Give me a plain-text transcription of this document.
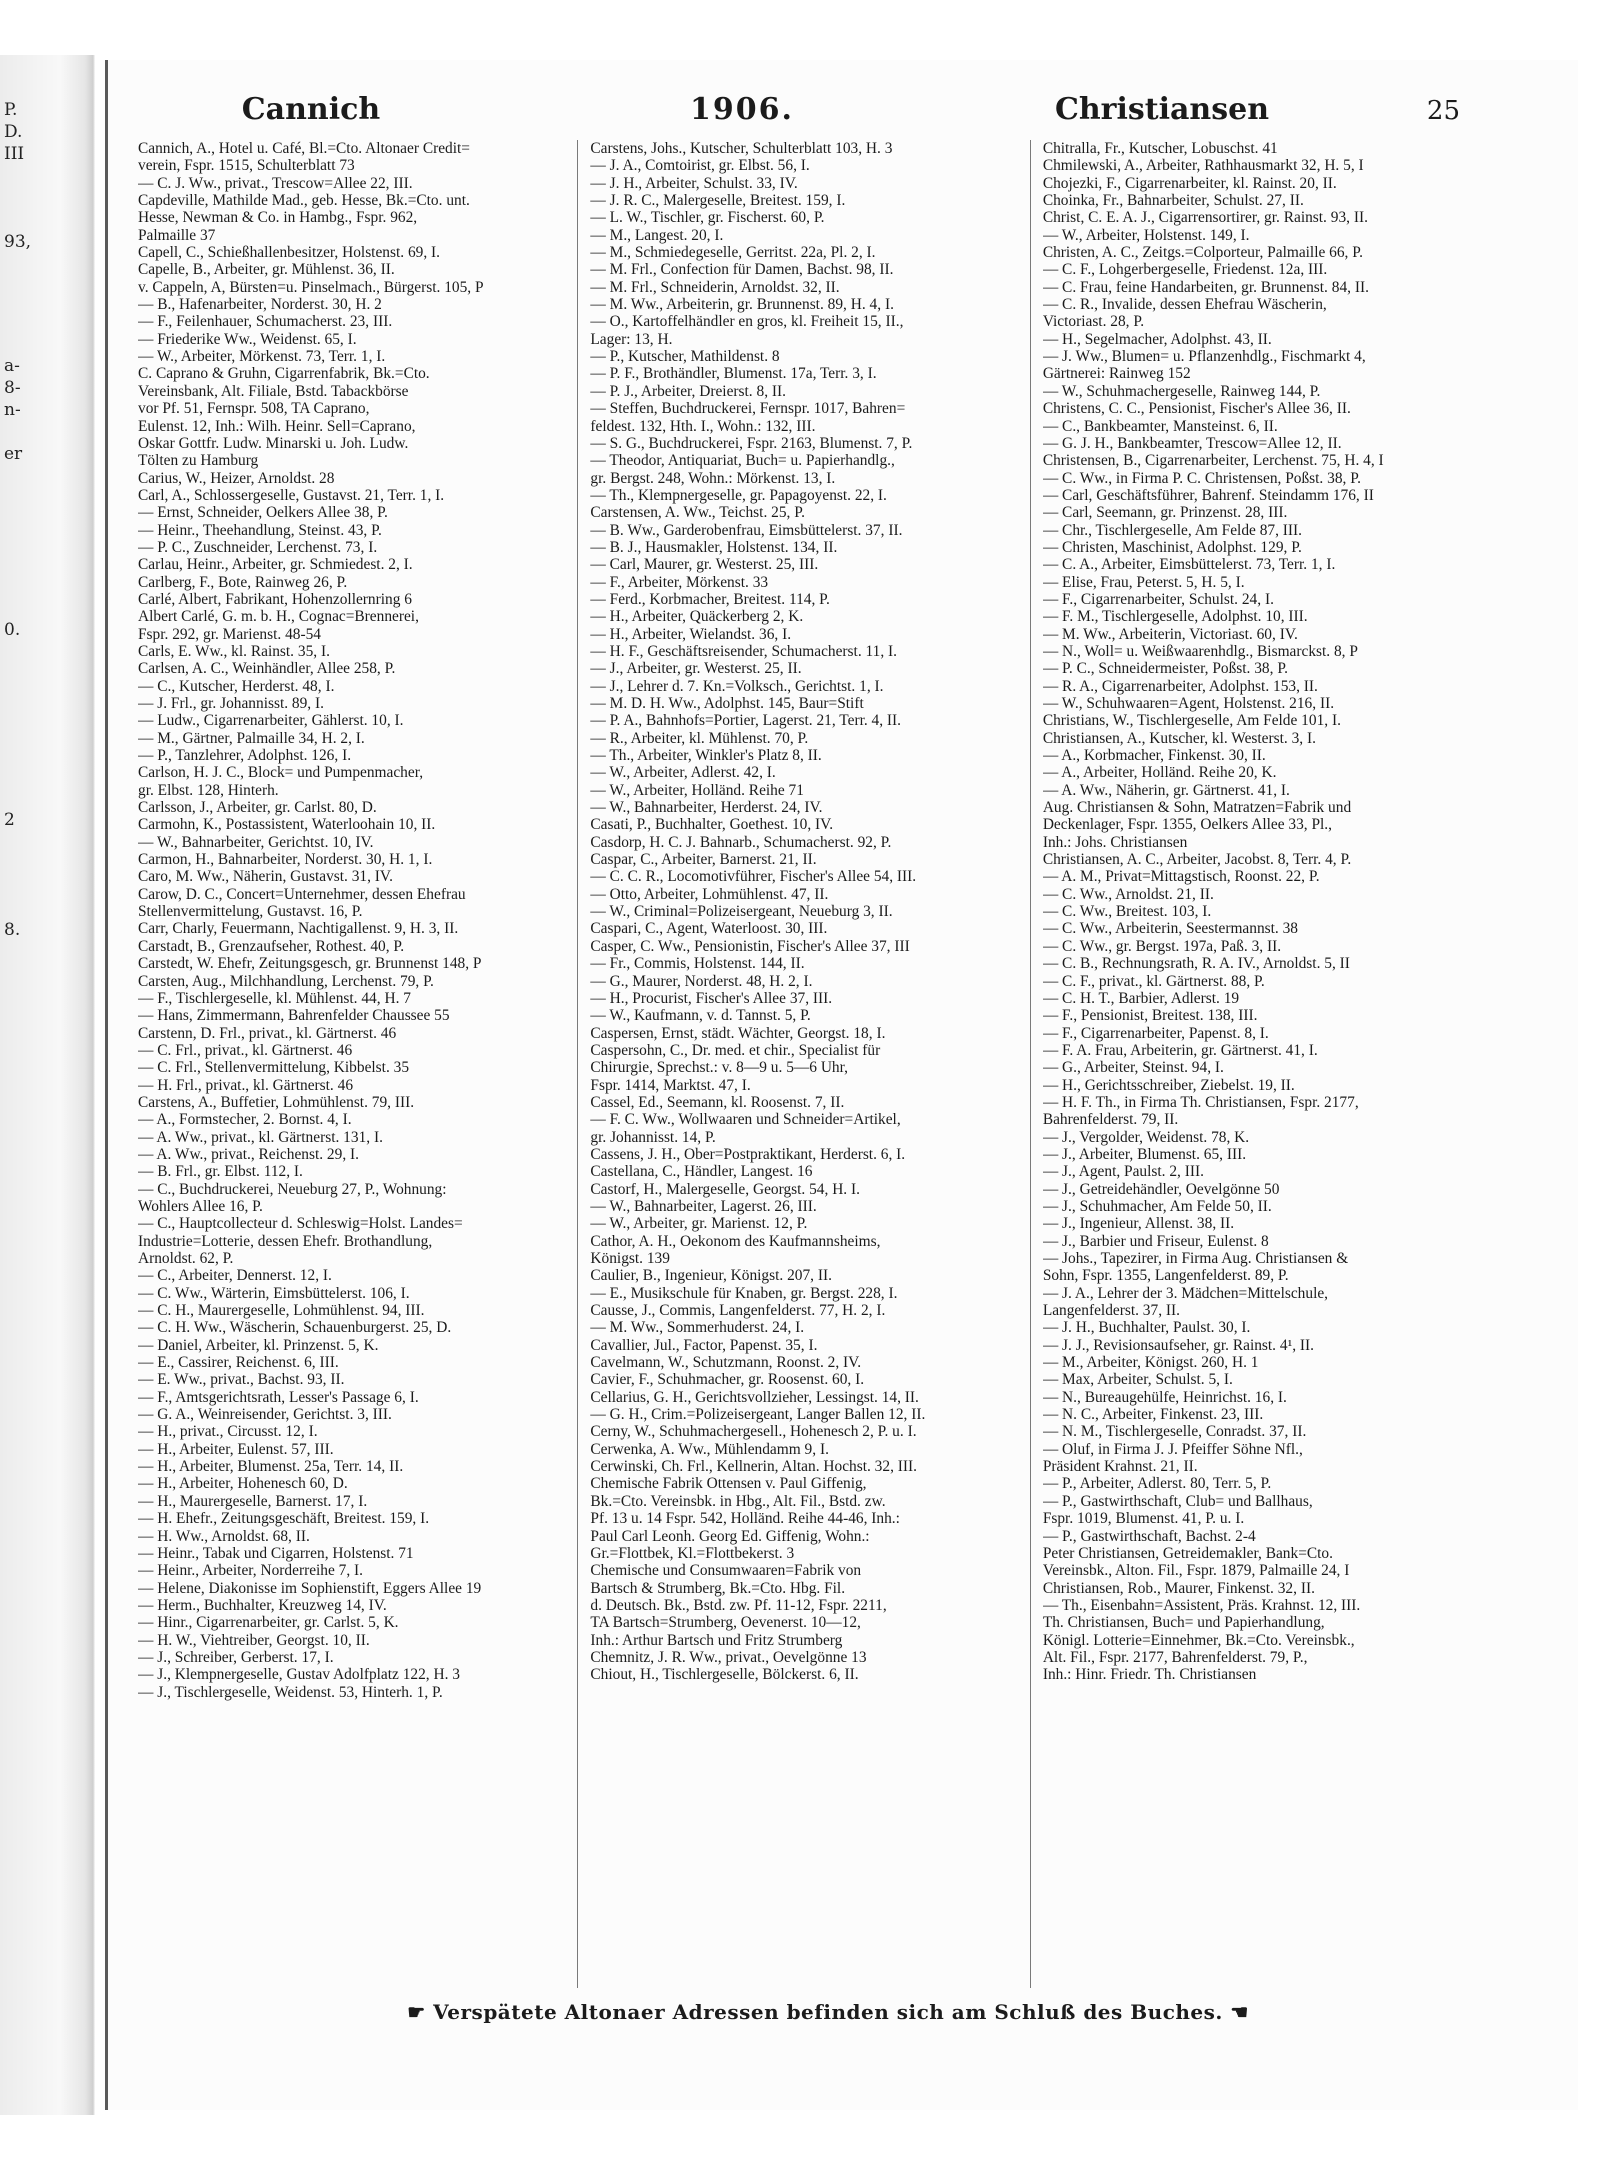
P.
D.
III
93,
a-
8-
n-
er
0.
2
8.
Cannich	1906.	Christiansen	25
Cannich, A., Hotel u. Café, Bl.=Cto. Altonaer Credit=
verein, Fspr. 1515, Schulterblatt 73
— C. J. Ww., privat., Trescow=Allee 22, III.
Capdeville, Mathilde Mad., geb. Hesse, Bk.=Cto. unt.
Hesse, Newman & Co. in Hambg., Fspr. 962,
Palmaille 37
Capell, C., Schießhallenbesitzer, Holstenst. 69, I.
Capelle, B., Arbeiter, gr. Mühlenst. 36, II.
v. Cappeln, A, Bürsten=u. Pinselmach., Bürgerst. 105, P
— B., Hafenarbeiter, Norderst. 30, H. 2
— F., Feilenhauer, Schumacherst. 23, III.
— Friederike Ww., Weidenst. 65, I.
— W., Arbeiter, Mörkenst. 73, Terr. 1, I.
C. Caprano & Gruhn, Cigarrenfabrik, Bk.=Cto.
Vereinsbank, Alt. Filiale, Bstd. Tabackbörse
vor Pf. 51, Fernspr. 508, TA Caprano,
Eulenst. 12, Inh.: Wilh. Heinr. Sell=Caprano,
Oskar Gottfr. Ludw. Minarski u. Joh. Ludw.
Tölten zu Hamburg
Carius, W., Heizer, Arnoldst. 28
Carl, A., Schlossergeselle, Gustavst. 21, Terr. 1, I.
— Ernst, Schneider, Oelkers Allee 38, P.
— Heinr., Theehandlung, Steinst. 43, P.
— P. C., Zuschneider, Lerchenst. 73, I.
Carlau, Heinr., Arbeiter, gr. Schmiedest. 2, I.
Carlberg, F., Bote, Rainweg 26, P.
Carlé, Albert, Fabrikant, Hohenzollernring 6
Albert Carlé, G. m. b. H., Cognac=Brennerei,
Fspr. 292, gr. Marienst. 48-54
Carls, E. Ww., kl. Rainst. 35, I.
Carlsen, A. C., Weinhändler, Allee 258, P.
— C., Kutscher, Herderst. 48, I.
— J. Frl., gr. Johannisst. 89, I.
— Ludw., Cigarrenarbeiter, Gählerst. 10, I.
— M., Gärtner, Palmaille 34, H. 2, I.
— P., Tanzlehrer, Adolphst. 126, I.
Carlson, H. J. C., Block= und Pumpenmacher,
gr. Elbst. 128, Hinterh.
Carlsson, J., Arbeiter, gr. Carlst. 80, D.
Carmohn, K., Postassistent, Waterloohain 10, II.
— W., Bahnarbeiter, Gerichtst. 10, IV.
Carmon, H., Bahnarbeiter, Norderst. 30, H. 1, I.
Caro, M. Ww., Näherin, Gustavst. 31, IV.
Carow, D. C., Concert=Unternehmer, dessen Ehefrau
Stellenvermittelung, Gustavst. 16, P.
Carr, Charly, Feuermann, Nachtigallenst. 9, H. 3, II.
Carstadt, B., Grenzaufseher, Rothest. 40, P.
Carstedt, W. Ehefr, Zeitungsgesch, gr. Brunnenst 148, P
Carsten, Aug., Milchhandlung, Lerchenst. 79, P.
— F., Tischlergeselle, kl. Mühlenst. 44, H. 7
— Hans, Zimmermann, Bahrenfelder Chaussee 55
Carstenn, D. Frl., privat., kl. Gärtnerst. 46
— C. Frl., privat., kl. Gärtnerst. 46
— C. Frl., Stellenvermittelung, Kibbelst. 35
— H. Frl., privat., kl. Gärtnerst. 46
Carstens, A., Buffetier, Lohmühlenst. 79, III.
— A., Formstecher, 2. Bornst. 4, I.
— A. Ww., privat., kl. Gärtnerst. 131, I.
— A. Ww., privat., Reichenst. 29, I.
— B. Frl., gr. Elbst. 112, I.
— C., Buchdruckerei, Neueburg 27, P., Wohnung:
Wohlers Allee 16, P.
— C., Hauptcollecteur d. Schleswig=Holst. Landes=
Industrie=Lotterie, dessen Ehefr. Brothandlung,
Arnoldst. 62, P.
— C., Arbeiter, Dennerst. 12, I.
— C. Ww., Wärterin, Eimsbüttelerst. 106, I.
— C. H., Maurergeselle, Lohmühlenst. 94, III.
— C. H. Ww., Wäscherin, Schauenburgerst. 25, D.
— Daniel, Arbeiter, kl. Prinzenst. 5, K.
— E., Cassirer, Reichenst. 6, III.
— E. Ww., privat., Bachst. 93, II.
— F., Amtsgerichtsrath, Lesser's Passage 6, I.
— G. A., Weinreisender, Gerichtst. 3, III.
— H., privat., Circusst. 12, I.
— H., Arbeiter, Eulenst. 57, III.
— H., Arbeiter, Blumenst. 25a, Terr. 14, II.
— H., Arbeiter, Hohenesch 60, D.
— H., Maurergeselle, Barnerst. 17, I.
— H. Ehefr., Zeitungsgeschäft, Breitest. 159, I.
— H. Ww., Arnoldst. 68, II.
— Heinr., Tabak und Cigarren, Holstenst. 71
— Heinr., Arbeiter, Norderreihe 7, I.
— Helene, Diakonisse im Sophienstift, Eggers Allee 19
— Herm., Buchhalter, Kreuzweg 14, IV.
— Hinr., Cigarrenarbeiter, gr. Carlst. 5, K.
— H. W., Viehtreiber, Georgst. 10, II.
— J., Schreiber, Gerberst. 17, I.
— J., Klempnergeselle, Gustav Adolfplatz 122, H. 3
— J., Tischlergeselle, Weidenst. 53, Hinterh. 1, P.
Carstens, Johs., Kutscher, Schulterblatt 103, H. 3
— J. A., Comtoirist, gr. Elbst. 56, I.
— J. H., Arbeiter, Schulst. 33, IV.
— J. R. C., Malergeselle, Breitest. 159, I.
— L. W., Tischler, gr. Fischerst. 60, P.
— M., Langest. 20, I.
— M., Schmiedegeselle, Gerritst. 22a, Pl. 2, I.
— M. Frl., Confection für Damen, Bachst. 98, II.
— M. Frl., Schneiderin, Arnoldst. 32, II.
— M. Ww., Arbeiterin, gr. Brunnenst. 89, H. 4, I.
— O., Kartoffelhändler en gros, kl. Freiheit 15, II.,
Lager: 13, H.
— P., Kutscher, Mathildenst. 8
— P. F., Brothändler, Blumenst. 17a, Terr. 3, I.
— P. J., Arbeiter, Dreierst. 8, II.
— Steffen, Buchdruckerei, Fernspr. 1017, Bahren=
feldest. 132, Hth. I., Wohn.: 132, III.
— S. G., Buchdruckerei, Fspr. 2163, Blumenst. 7, P.
— Theodor, Antiquariat, Buch= u. Papierhandlg.,
gr. Bergst. 248, Wohn.: Mörkenst. 13, I.
— Th., Klempnergeselle, gr. Papagoyenst. 22, I.
Carstensen, A. Ww., Teichst. 25, P.
— B. Ww., Garderobenfrau, Eimsbüttelerst. 37, II.
— B. J., Hausmakler, Holstenst. 134, II.
— Carl, Maurer, gr. Westerst. 25, III.
— F., Arbeiter, Mörkenst. 33
— Ferd., Korbmacher, Breitest. 114, P.
— H., Arbeiter, Quäckerberg 2, K.
— H., Arbeiter, Wielandst. 36, I.
— H. F., Geschäftsreisender, Schumacherst. 11, I.
— J., Arbeiter, gr. Westerst. 25, II.
— J., Lehrer d. 7. Kn.=Volksch., Gerichtst. 1, I.
— M. D. H. Ww., Adolphst. 145, Baur=Stift
— P. A., Bahnhofs=Portier, Lagerst. 21, Terr. 4, II.
— R., Arbeiter, kl. Mühlenst. 70, P.
— Th., Arbeiter, Winkler's Platz 8, II.
— W., Arbeiter, Adlerst. 42, I.
— W., Arbeiter, Holländ. Reihe 71
— W., Bahnarbeiter, Herderst. 24, IV.
Casati, P., Buchhalter, Goethest. 10, IV.
Casdorp, H. C. J. Bahnarb., Schumacherst. 92, P.
Caspar, C., Arbeiter, Barnerst. 21, II.
— C. C. R., Locomotivführer, Fischer's Allee 54, III.
— Otto, Arbeiter, Lohmühlenst. 47, II.
— W., Criminal=Polizeisergeant, Neueburg 3, II.
Caspari, C., Agent, Waterloost. 30, III.
Casper, C. Ww., Pensionistin, Fischer's Allee 37, III
— Fr., Commis, Holstenst. 144, II.
— G., Maurer, Norderst. 48, H. 2, I.
— H., Procurist, Fischer's Allee 37, III.
— W., Kaufmann, v. d. Tannst. 5, P.
Caspersen, Ernst, städt. Wächter, Georgst. 18, I.
Caspersohn, C., Dr. med. et chir., Specialist für
Chirurgie, Sprechst.: v. 8—9 u. 5—6 Uhr,
Fspr. 1414, Marktst. 47, I.
Cassel, Ed., Seemann, kl. Roosenst. 7, II.
— F. C. Ww., Wollwaaren und Schneider=Artikel,
gr. Johannisst. 14, P.
Cassens, J. H., Ober=Postpraktikant, Herderst. 6, I.
Castellana, C., Händler, Langest. 16
Castorf, H., Malergeselle, Georgst. 54, H. I.
— W., Bahnarbeiter, Lagerst. 26, III.
— W., Arbeiter, gr. Marienst. 12, P.
Cathor, A. H., Oekonom des Kaufmannsheims,
Königst. 139
Caulier, B., Ingenieur, Königst. 207, II.
— E., Musikschule für Knaben, gr. Bergst. 228, I.
Causse, J., Commis, Langenfelderst. 77, H. 2, I.
— M. Ww., Sommerhuderst. 24, I.
Cavallier, Jul., Factor, Papenst. 35, I.
Cavelmann, W., Schutzmann, Roonst. 2, IV.
Cavier, F., Schuhmacher, gr. Roosenst. 60, I.
Cellarius, G. H., Gerichtsvollzieher, Lessingst. 14, II.
— G. H., Crim.=Polizeisergeant, Langer Ballen 12, II.
Cerny, W., Schuhmachergesell., Hohenesch 2, P. u. I.
Cerwenka, A. Ww., Mühlendamm 9, I.
Cerwinski, Ch. Frl., Kellnerin, Altan. Hochst. 32, III.
Chemische Fabrik Ottensen v. Paul Giffenig,
Bk.=Cto. Vereinsbk. in Hbg., Alt. Fil., Bstd. zw.
Pf. 13 u. 14 Fspr. 542, Holländ. Reihe 44-46, Inh.:
Paul Carl Leonh. Georg Ed. Giffenig, Wohn.:
Gr.=Flottbek, Kl.=Flottbekerst. 3
Chemische und Consumwaaren=Fabrik von
Bartsch & Strumberg, Bk.=Cto. Hbg. Fil.
d. Deutsch. Bk., Bstd. zw. Pf. 11-12, Fspr. 2211,
TA Bartsch=Strumberg, Oevenerst. 10—12,
Inh.: Arthur Bartsch und Fritz Strumberg
Chemnitz, J. R. Ww., privat., Oevelgönne 13
Chiout, H., Tischlergeselle, Bölckerst. 6, II.
Chitralla, Fr., Kutscher, Lobuschst. 41
Chmilewski, A., Arbeiter, Rathhausmarkt 32, H. 5, I
Chojezki, F., Cigarrenarbeiter, kl. Rainst. 20, II.
Choinka, Fr., Bahnarbeiter, Schulst. 27, II.
Christ, C. E. A. J., Cigarrensortirer, gr. Rainst. 93, II.
— W., Arbeiter, Holstenst. 149, I.
Christen, A. C., Zeitgs.=Colporteur, Palmaille 66, P.
— C. F., Lohgerbergeselle, Friedenst. 12a, III.
— C. Frau, feine Handarbeiten, gr. Brunnenst. 84, II.
— C. R., Invalide, dessen Ehefrau Wäscherin,
Victoriast. 28, P.
— H., Segelmacher, Adolphst. 43, II.
— J. Ww., Blumen= u. Pflanzenhdlg., Fischmarkt 4,
Gärtnerei: Rainweg 152
— W., Schuhmachergeselle, Rainweg 144, P.
Christens, C. C., Pensionist, Fischer's Allee 36, II.
— C., Bankbeamter, Mansteinst. 6, II.
— G. J. H., Bankbeamter, Trescow=Allee 12, II.
Christensen, B., Cigarrenarbeiter, Lerchenst. 75, H. 4, I
— C. Ww., in Firma P. C. Christensen, Poßst. 38, P.
— Carl, Geschäftsführer, Bahrenf. Steindamm 176, II
— Carl, Seemann, gr. Prinzenst. 28, III.
— Chr., Tischlergeselle, Am Felde 87, III.
— Christen, Maschinist, Adolphst. 129, P.
— C. A., Arbeiter, Eimsbüttelerst. 73, Terr. 1, I.
— Elise, Frau, Peterst. 5, H. 5, I.
— F., Cigarrenarbeiter, Schulst. 24, I.
— F. M., Tischlergeselle, Adolphst. 10, III.
— M. Ww., Arbeiterin, Victoriast. 60, IV.
— N., Woll= u. Weißwaarenhdlg., Bismarckst. 8, P
— P. C., Schneidermeister, Poßst. 38, P.
— R. A., Cigarrenarbeiter, Adolphst. 153, II.
— W., Schuhwaaren=Agent, Holstenst. 216, II.
Christians, W., Tischlergeselle, Am Felde 101, I.
Christiansen, A., Kutscher, kl. Westerst. 3, I.
— A., Korbmacher, Finkenst. 30, II.
— A., Arbeiter, Holländ. Reihe 20, K.
— A. Ww., Näherin, gr. Gärtnerst. 41, I.
Aug. Christiansen & Sohn, Matratzen=Fabrik und
Deckenlager, Fspr. 1355, Oelkers Allee 33, Pl.,
Inh.: Johs. Christiansen
Christiansen, A. C., Arbeiter, Jacobst. 8, Terr. 4, P.
— A. M., Privat=Mittagstisch, Roonst. 22, P.
— C. Ww., Arnoldst. 21, II.
— C. Ww., Breitest. 103, I.
— C. Ww., Arbeiterin, Seestermannst. 38
— C. Ww., gr. Bergst. 197a, Paß. 3, II.
— C. B., Rechnungsrath, R. A. IV., Arnoldst. 5, II
— C. F., privat., kl. Gärtnerst. 88, P.
— C. H. T., Barbier, Adlerst. 19
— F., Pensionist, Breitest. 138, III.
— F., Cigarrenarbeiter, Papenst. 8, I.
— F. A. Frau, Arbeiterin, gr. Gärtnerst. 41, I.
— G., Arbeiter, Steinst. 94, I.
— H., Gerichtsschreiber, Ziebelst. 19, II.
— H. F. Th., in Firma Th. Christiansen, Fspr. 2177,
Bahrenfelderst. 79, II.
— J., Vergolder, Weidenst. 78, K.
— J., Arbeiter, Blumenst. 65, III.
— J., Agent, Paulst. 2, III.
— J., Getreidehändler, Oevelgönne 50
— J., Schuhmacher, Am Felde 50, II.
— J., Ingenieur, Allenst. 38, II.
— J., Barbier und Friseur, Eulenst. 8
— Johs., Tapezirer, in Firma Aug. Christiansen &
Sohn, Fspr. 1355, Langenfelderst. 89, P.
— J. A., Lehrer der 3. Mädchen=Mittelschule,
Langenfelderst. 37, II.
— J. H., Buchhalter, Paulst. 30, I.
— J. J., Revisionsaufseher, gr. Rainst. 4¹, II.
— M., Arbeiter, Königst. 260, H. 1
— Max, Arbeiter, Schulst. 5, I.
— N., Bureaugehülfe, Heinrichst. 16, I.
— N. C., Arbeiter, Finkenst. 23, III.
— N. M., Tischlergeselle, Conradst. 37, II.
— Oluf, in Firma J. J. Pfeiffer Söhne Nfl.,
Präsident Krahnst. 21, II.
— P., Arbeiter, Adlerst. 80, Terr. 5, P.
— P., Gastwirthschaft, Club= und Ballhaus,
Fspr. 1019, Blumenst. 41, P. u. I.
— P., Gastwirthschaft, Bachst. 2-4
Peter Christiansen, Getreidemakler, Bank=Cto.
Vereinsbk., Alton. Fil., Fspr. 1879, Palmaille 24, I
Christiansen, Rob., Maurer, Finkenst. 32, II.
— Th., Eisenbahn=Assistent, Präs. Krahnst. 12, III.
Th. Christiansen, Buch= und Papierhandlung,
Königl. Lotterie=Einnehmer, Bk.=Cto. Vereinsbk.,
Alt. Fil., Fspr. 2177, Bahrenfelderst. 79, P.,
Inh.: Hinr. Friedr. Th. Christiansen
☛ Verspätete Altonaer Adressen befinden sich am Schluß des Buches. ☚
